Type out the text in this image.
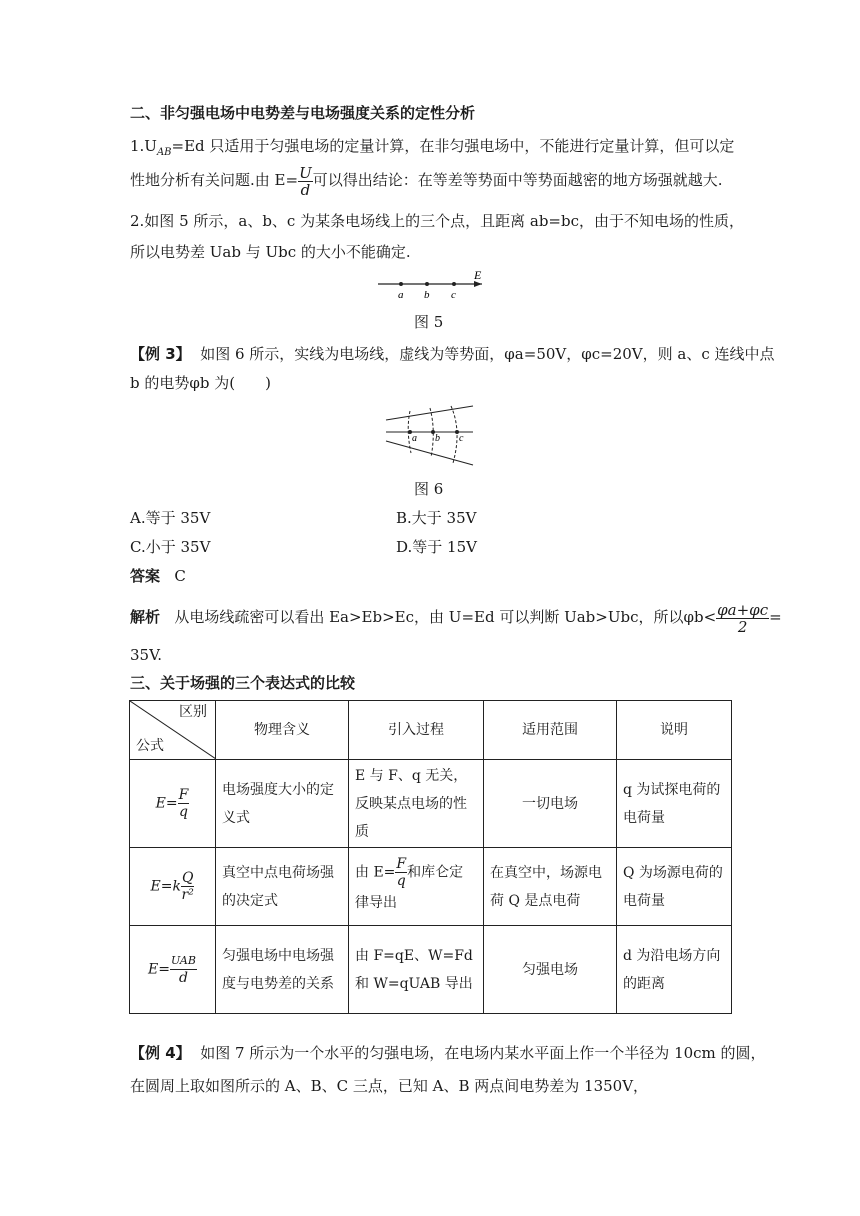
二、非匀强电场中电势差与电场强度关系的定性分析
$1.U_{AB}=Ed$ 只适用于匀强电场的定量计算，在非匀强电场中，不能进行定量计算，但可以定
性地分析有关问题.由 $E= \frac{U}{d}$ 可以得出结论：在等差等势面中等势面越密的地方场强就越大.
2.如图 5 所示，a、b、c 为某条电场线上的三个点，且距离 ab=bc，由于不知电场的性质，
所以电势差 Uab 与 Ubc 的大小不能确定.
a b c
E
图 5
【例 3】 如图 6 所示，实线为电场线，虚线为等势面，φa=50V，φc=20V，则 a、c 连线中点
b 的电势φb 为(　　)
a b c
图 6
A.等于 35V	B.大于 35V
C.小于 35V	D.等于 15V
答案 C
解析 从电场线疏密可以看出 Ea>Eb>Ec，由 U=Ed 可以判断 Uab>Ubc，所以$\varphi b< \frac{\varphi a+\varphi c}{2}$ =
35V.
三、关于场强的三个表达式的比较
区别
公式	物理含义	引入过程	适用范围	说明
$E= \frac{F}{q}$	电场强度大小的定义式	E 与 F、q 无关，反映某点电场的性质	一切电场	q 为试探电荷的电荷量
$E=k \frac{Q}{\text{r²}}$	真空中点电荷场强的决定式	由 $E= \frac{F}{q}$ 和库仑定律导出	在真空中，场源电荷 Q 是点电荷	Q 为场源电荷的电荷量
$E= \frac{\text{UAB}}{d}$	匀强电场中电场强度与电势差的关系	由 F=qE、W=Fd 和 W=qUAB 导出	匀强电场	d 为沿电场方向的距离
【例 4】 如图 7 所示为一个水平的匀强电场，在电场内某水平面上作一个半径为 10cm 的圆，
在圆周上取如图所示的 A、B、C 三点，已知 A、B 两点间电势差为 1350V，
